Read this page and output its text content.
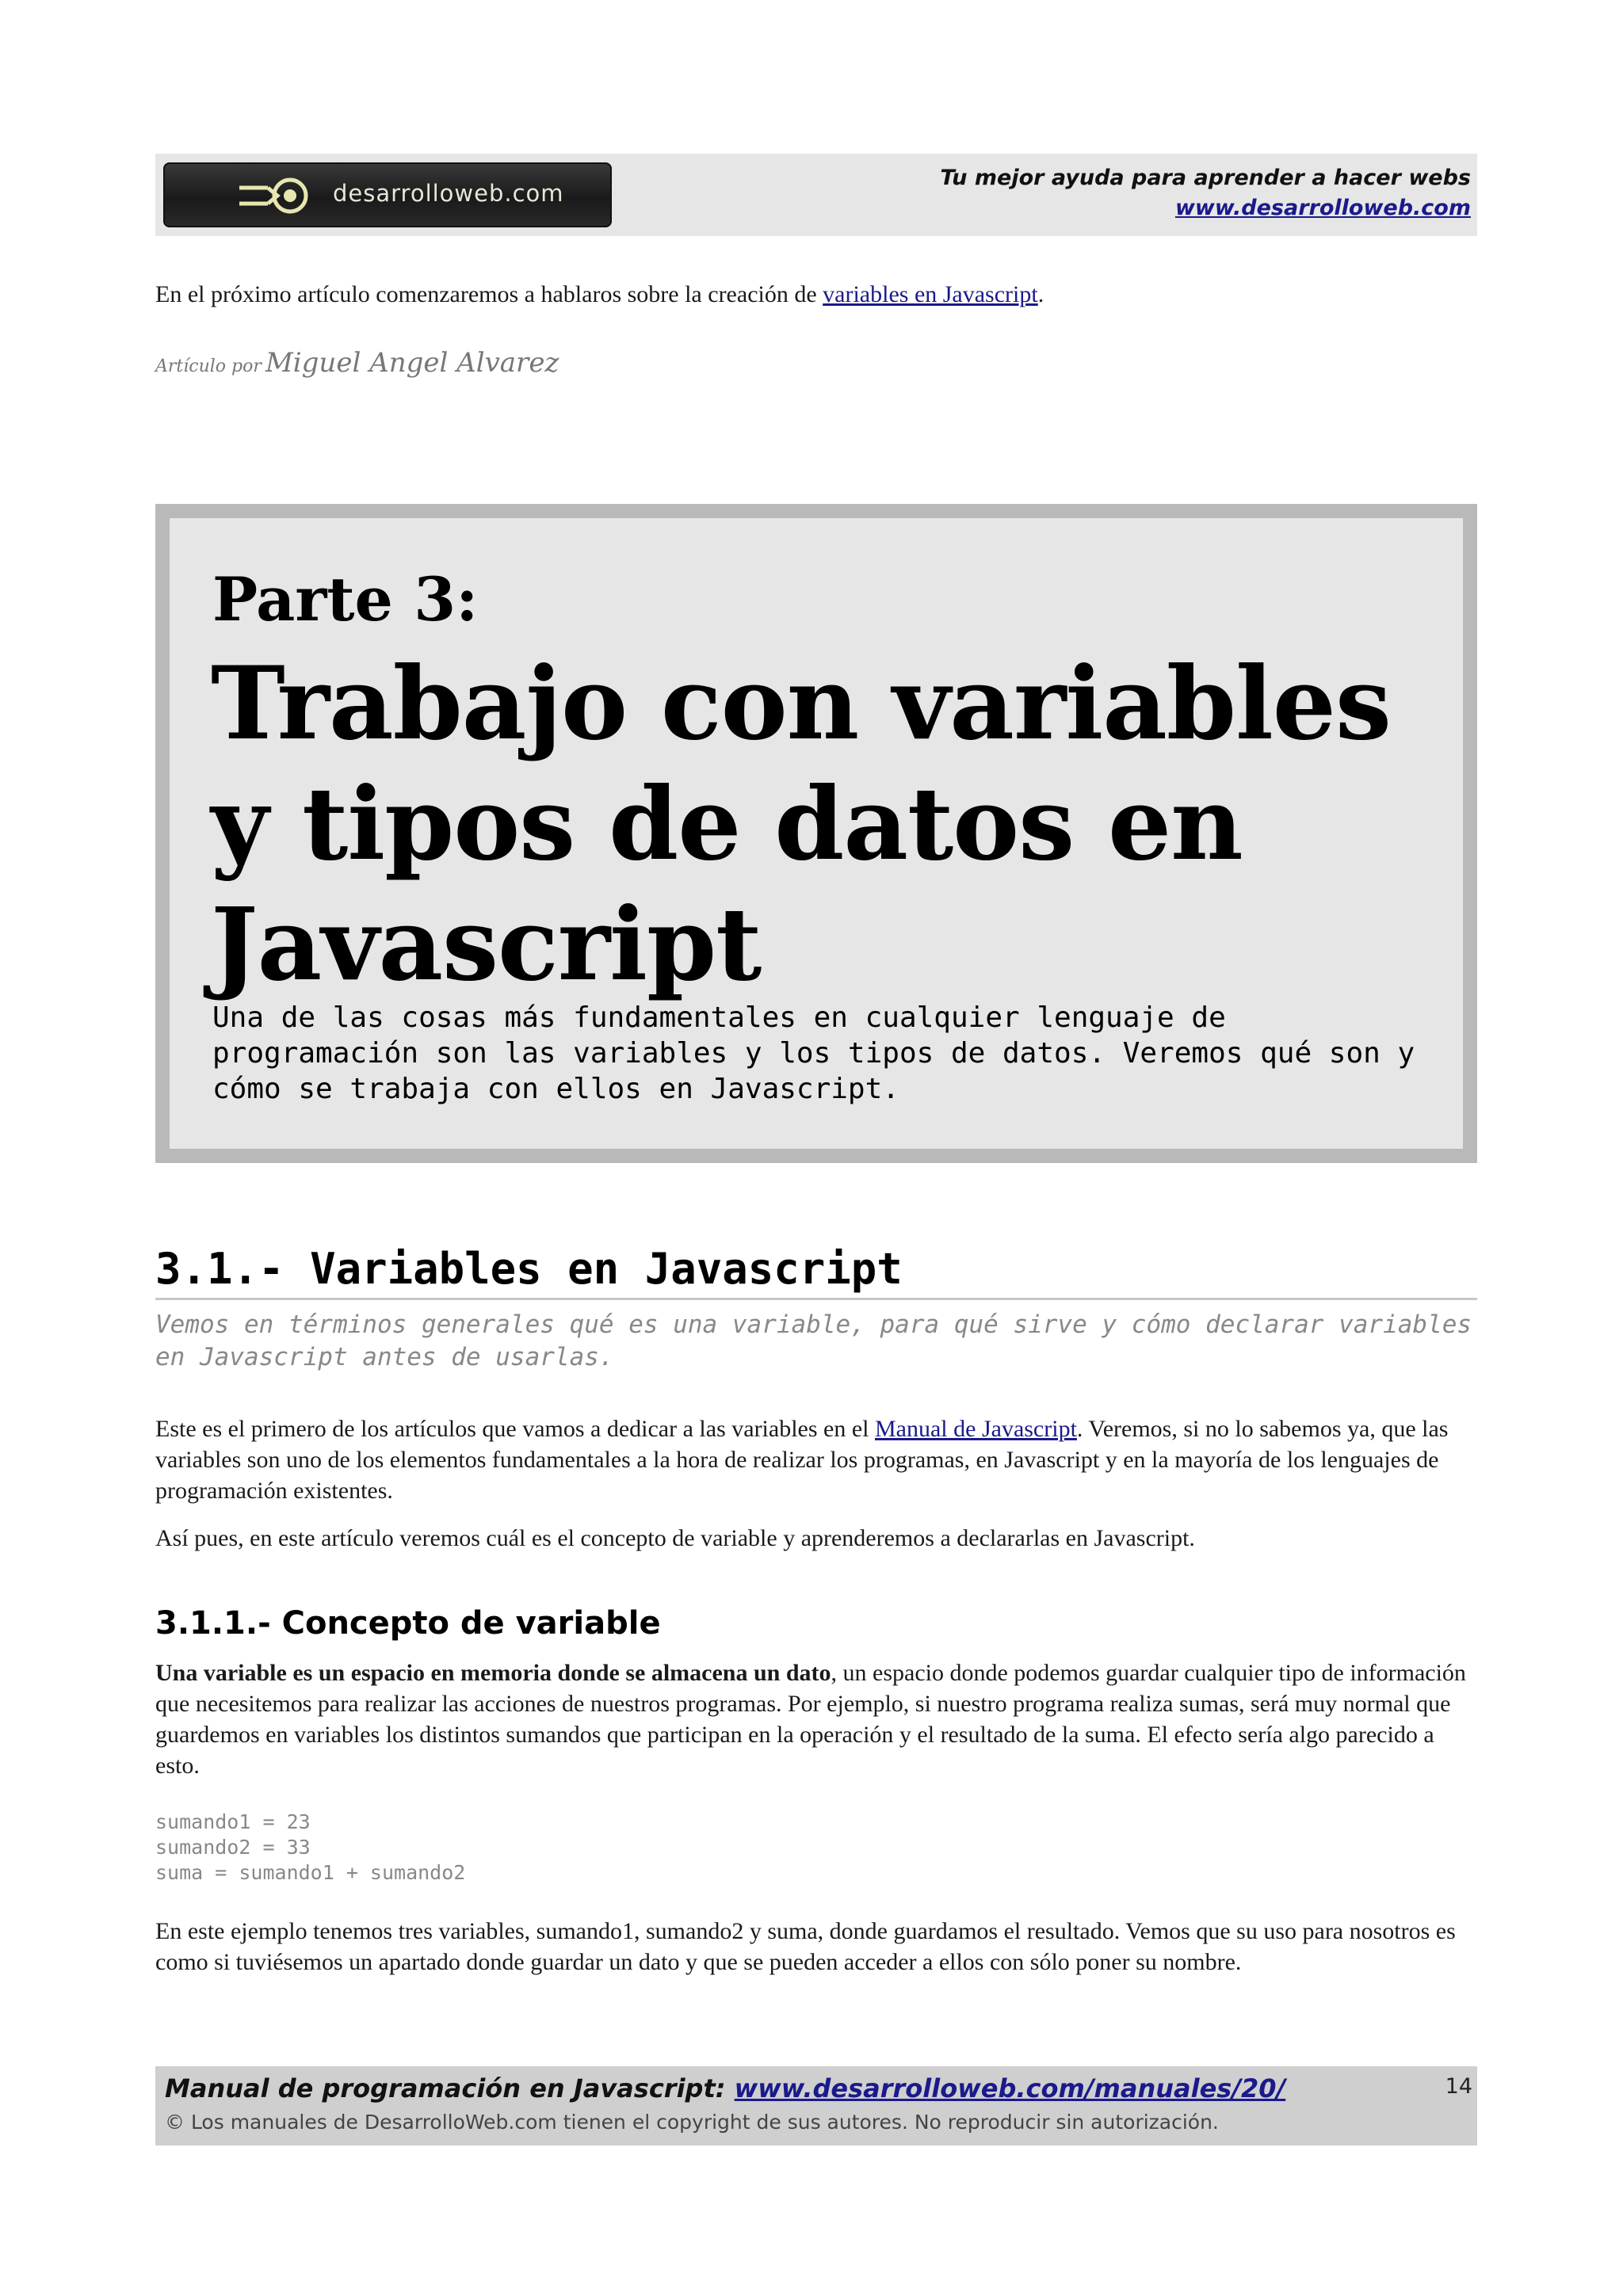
desarrolloweb.com
Tu mejor ayuda para aprender a hacer webs
www.desarrolloweb.com
En el próximo artículo comenzaremos a hablaros sobre la creación de variables en Javascript.
Artículo por Miguel Angel Alvarez
Parte 3:
Trabajo con variables y tipos de datos en Javascript
Una de las cosas más fundamentales en cualquier lenguaje de programación son las variables y los tipos de datos. Veremos qué son y cómo se trabaja con ellos en Javascript.
3.1.- Variables en Javascript
Vemos en términos generales qué es una variable, para qué sirve y cómo declarar variables en Javascript antes de usarlas.
Este es el primero de los artículos que vamos a dedicar a las variables en el Manual de Javascript. Veremos, si no lo sabemos ya, que las variables son uno de los elementos fundamentales a la hora de realizar los programas, en Javascript y en la mayoría de los lenguajes de programación existentes.
Así pues, en este artículo veremos cuál es el concepto de variable y aprenderemos a declararlas en Javascript.
3.1.1.- Concepto de variable
Una variable es un espacio en memoria donde se almacena un dato, un espacio donde podemos guardar cualquier tipo de información que necesitemos para realizar las acciones de nuestros programas. Por ejemplo, si nuestro programa realiza sumas, será muy normal que guardemos en variables los distintos sumandos que participan en la operación y el resultado de la suma. El efecto sería algo parecido a esto.
sumando1 = 23
sumando2 = 33
suma = sumando1 + sumando2
En este ejemplo tenemos tres variables, sumando1, sumando2 y suma, donde guardamos el resultado. Vemos que su uso para nosotros es como si tuviésemos un apartado donde guardar un dato y que se pueden acceder a ellos con sólo poner su nombre.
Manual de programación en Javascript: www.desarrolloweb.com/manuales/20/
© Los manuales de DesarrolloWeb.com tienen el copyright de sus autores. No reproducir sin autorización.
14
